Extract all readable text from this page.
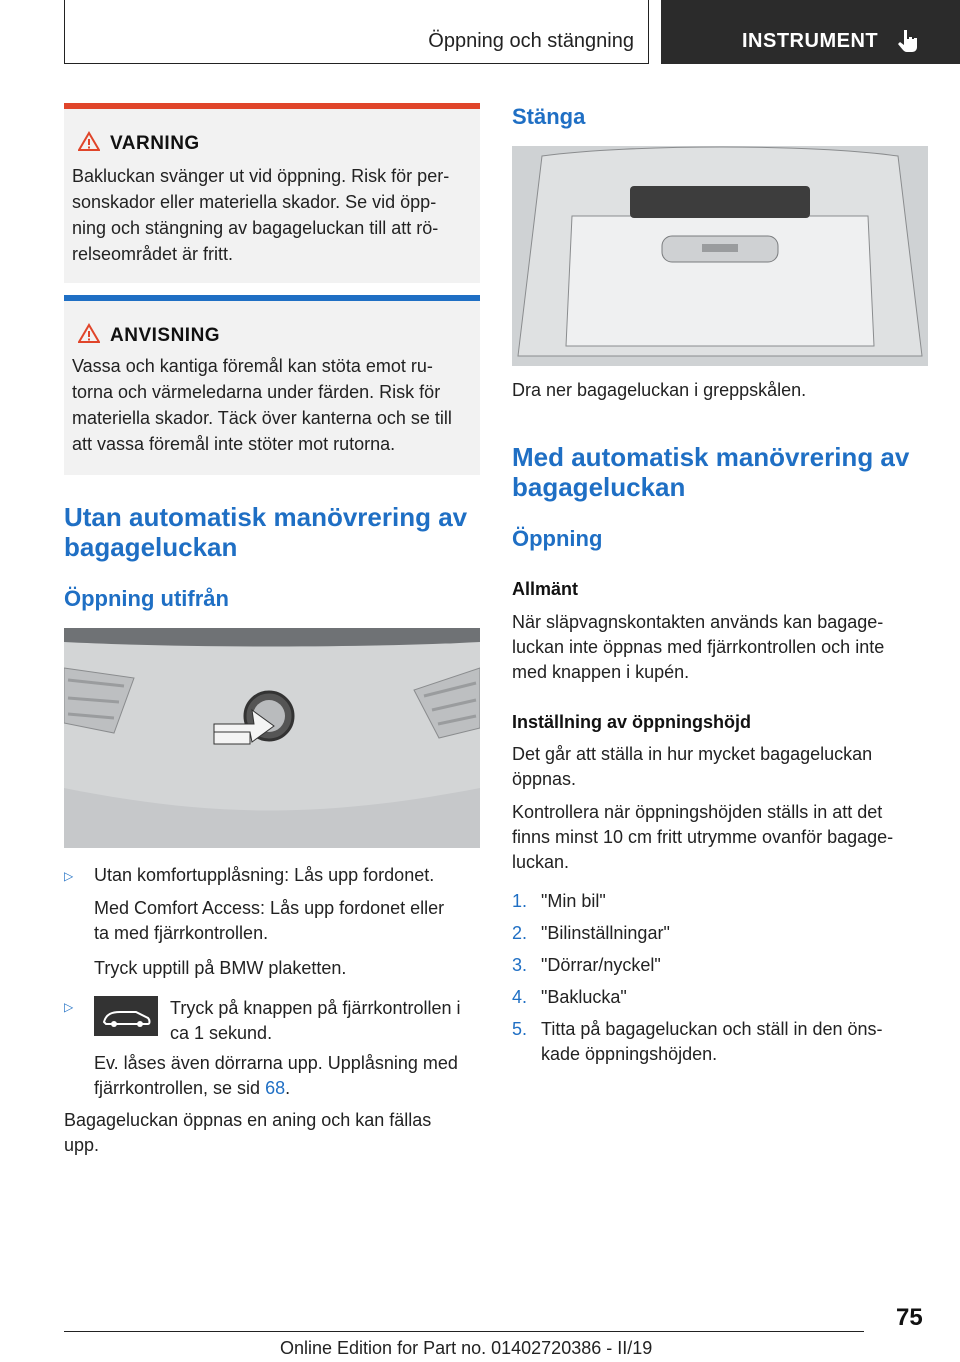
Öppning och stängning	INSTRUMENT
VARNING
Bakluckan svänger ut vid öppning. Risk för per-
sonskador eller materiella skador. Se vid öpp-
ning och stängning av bagageluckan till att rö-
relseområdet är fritt.
ANVISNING
Vassa och kantiga föremål kan stöta emot ru-
torna och värmeledarna under färden. Risk för
materiella skador. Täck över kanterna och se till
att vassa föremål inte stöter mot rutorna.
Utan automatisk manövrering av
bagageluckan
Öppning utifrån
▷ Utan komfortupplåsning: Lås upp fordonet.
Med Comfort Access: Lås upp fordonet eller
ta med fjärrkontrollen.
Tryck upptill på BMW plaketten.
▷	Tryck på knappen på fjärrkontrollen i
ca 1 sekund.
Ev. låses även dörrarna upp. Upplåsning med
fjärrkontrollen, se sid 68.
Bagageluckan öppnas en aning och kan fällas
upp.
Stänga
Dra ner bagageluckan i greppskålen.
Med automatisk manövrering av
bagageluckan
Öppning
Allmänt
När släpvagnskontakten används kan bagage-
luckan inte öppnas med fjärrkontrollen och inte
med knappen i kupén.
Inställning av öppningshöjd
Det går att ställa in hur mycket bagageluckan
öppnas.
Kontrollera när öppningshöjden ställs in att det
finns minst 10 cm fritt utrymme ovanför bagage-
luckan.
1. "Min bil"
2. "Bilinställningar"
3. "Dörrar/nyckel"
4. "Baklucka"
5. Titta på bagageluckan och ställ in den öns-
kade öppningshöjden.
75
Online Edition for Part no. 01402720386 - II/19
